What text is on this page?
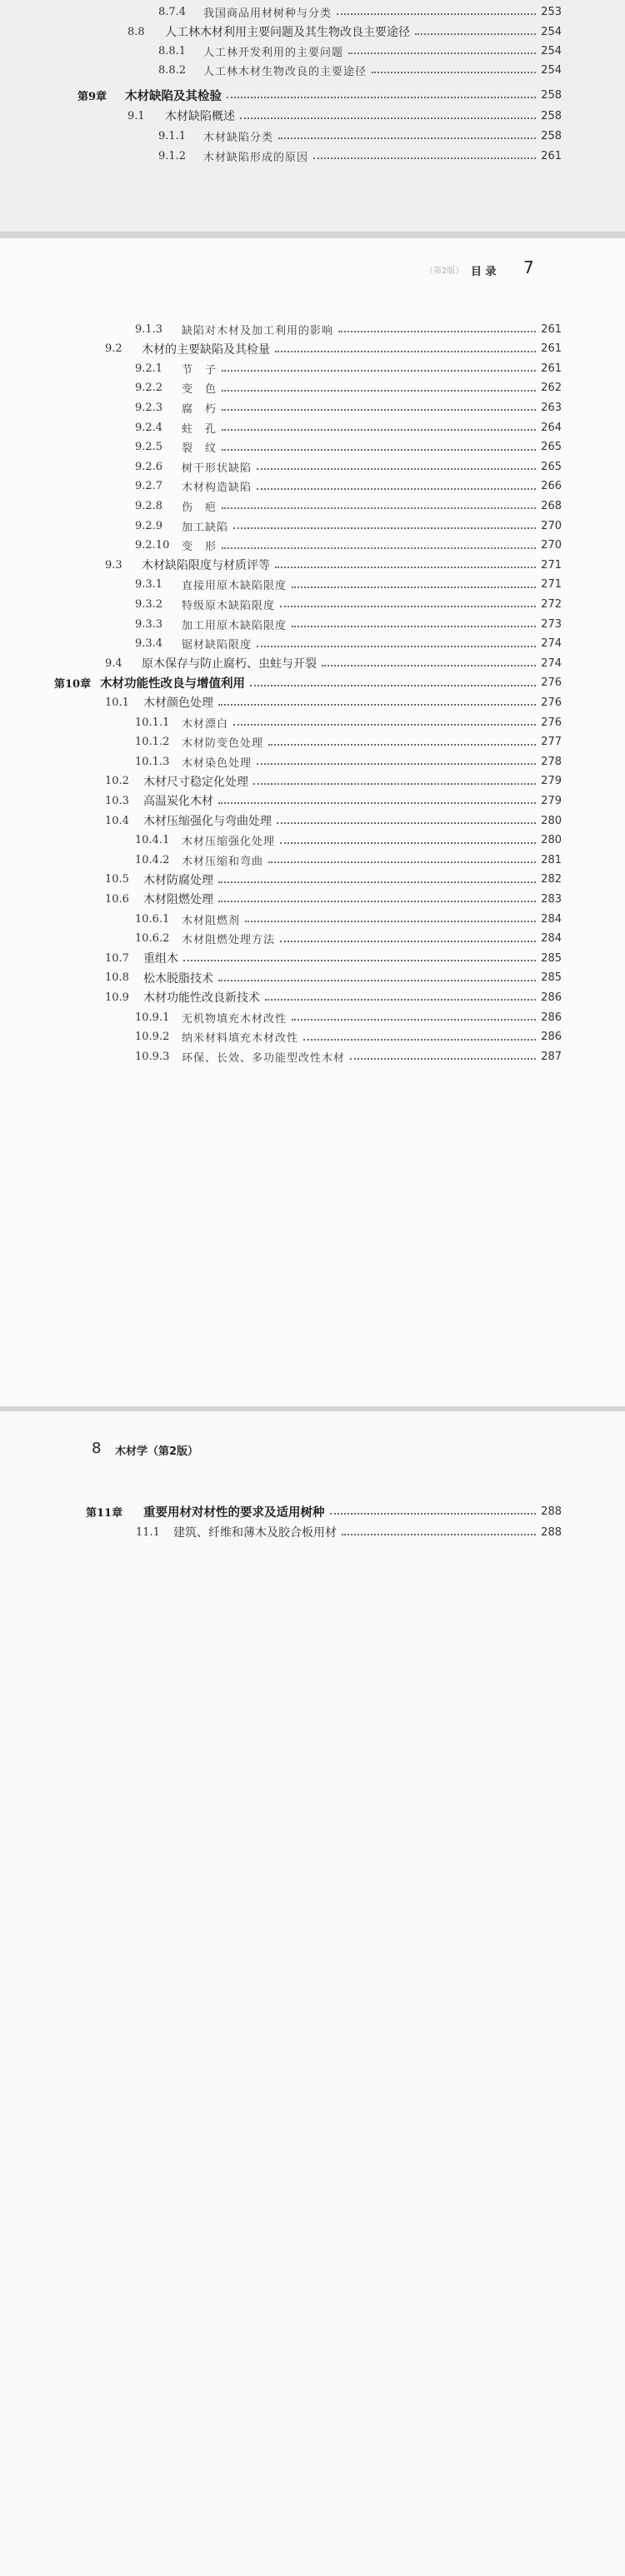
8.7.4	我国商品用材树种与分类	253
8.8	人工林木材利用主要问题及其生物改良主要途径	254
8.8.1	人工林开发利用的主要问题	254
8.8.2	人工林木材生物改良的主要途径	254
第9章	木材缺陷及其检验	258
9.1	木材缺陷概述	258
9.1.1	木材缺陷分类	258
9.1.2	木材缺陷形成的原因	261
（第2版） 目 录 7
9.1.3	缺陷对木材及加工利用的影响	261
9.2	木材的主要缺陷及其检量	261
9.2.1	节　子	261
9.2.2	变　色	262
9.2.3	腐　朽	263
9.2.4	蛀　孔	264
9.2.5	裂　纹	265
9.2.6	树干形状缺陷	265
9.2.7	木材构造缺陷	266
9.2.8	伤　疤	268
9.2.9	加工缺陷	270
9.2.10	变　形	270
9.3	木材缺陷限度与材质评等	271
9.3.1	直接用原木缺陷限度	271
9.3.2	特级原木缺陷限度	272
9.3.3	加工用原木缺陷限度	273
9.3.4	锯材缺陷限度	274
9.4	原木保存与防止腐朽、虫蛀与开裂	274
第10章 木材功能性改良与增值利用	276
10.1	木材颜色处理	276
10.1.1	木材漂白	276
10.1.2	木材防变色处理	277
10.1.3	木材染色处理	278
10.2	木材尺寸稳定化处理	279
10.3	高温炭化木材	279
10.4	木材压缩强化与弯曲处理	280
10.4.1	木材压缩强化处理	280
10.4.2	木材压缩和弯曲	281
10.5	木材防腐处理	282
10.6	木材阻燃处理	283
10.6.1	木材阻燃剂	284
10.6.2	木材阻燃处理方法	284
10.7	重组木	285
10.8	松木脱脂技术	285
10.9	木材功能性改良新技术	286
10.9.1	无机物填充木材改性	286
10.9.2	纳米材料填充木材改性	286
10.9.3	环保、长效、多功能型改性木材	287
8 木材学（第2版）
第11章	重要用材对材性的要求及适用树种	288
11.1	建筑、纤维和薄木及胶合板用材	288
